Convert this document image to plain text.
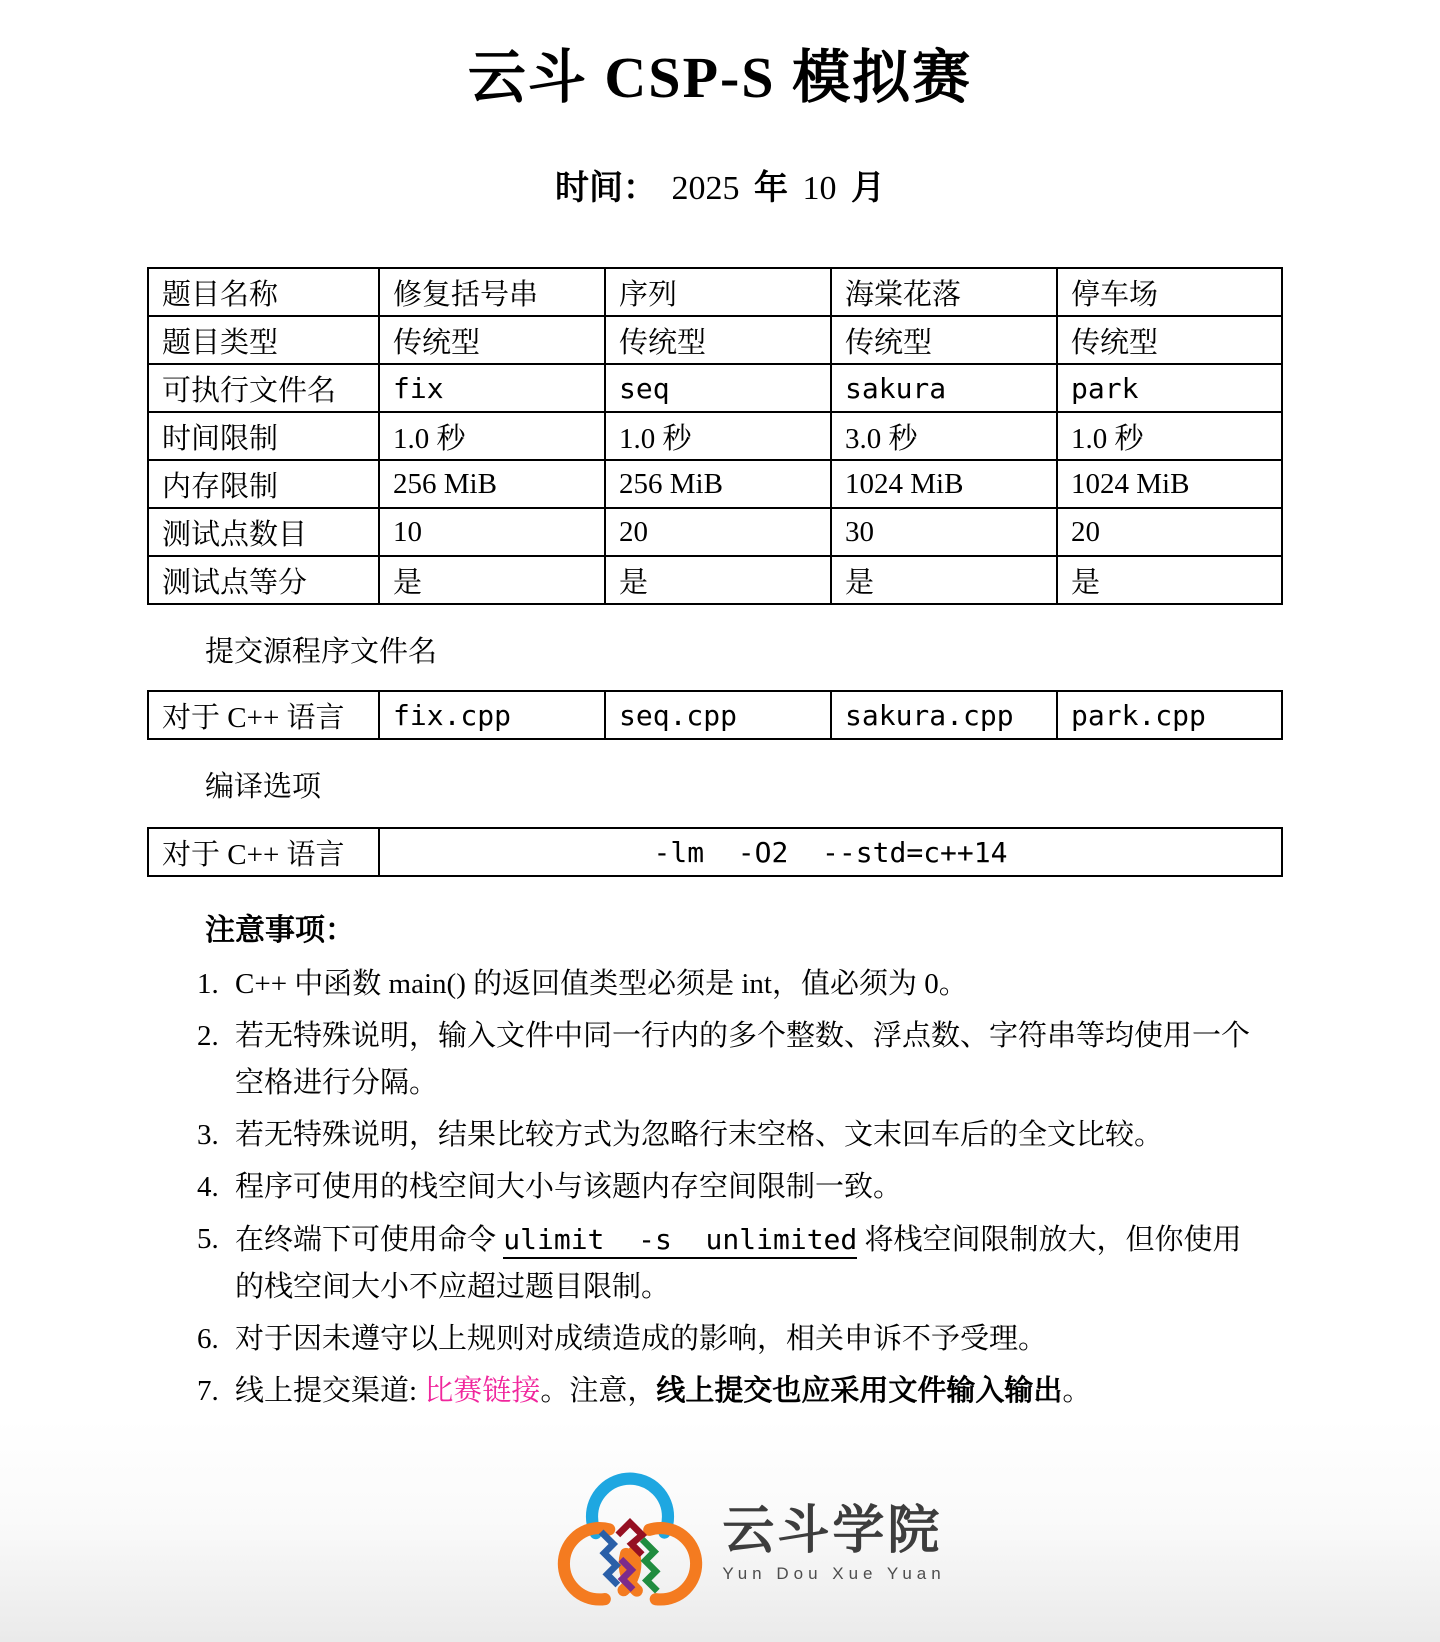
云斗 CSP-S 模拟赛
时间： 2025 年 10 月
题目名称	修复括号串	序列	海棠花落	停车场
题目类型	传统型	传统型	传统型	传统型
可执行文件名	fix	seq	sakura	park
时间限制	1.0 秒	1.0 秒	3.0 秒	1.0 秒
内存限制	256 MiB	256 MiB	1024 MiB	1024 MiB
测试点数目	10	20	30	20
测试点等分	是	是	是	是
提交源程序文件名
对于 C++ 语言	fix.cpp	seq.cpp	sakura.cpp	park.cpp
编译选项
对于 C++ 语言	-lm  -O2  --std=c++14
注意事项：
1. C++ 中函数 main() 的返回值类型必须是 int，值必须为 0。
2. 若无特殊说明，输入文件中同一行内的多个整数、浮点数、字符串等均使用一个空格进行分隔。
3. 若无特殊说明，结果比较方式为忽略行末空格、文末回车后的全文比较。
4. 程序可使用的栈空间大小与该题内存空间限制一致。
5. 在终端下可使用命令 ulimit  -s  unlimited 将栈空间限制放大，但你使用的栈空间大小不应超过题目限制。
6. 对于因未遵守以上规则对成绩造成的影响，相关申诉不予受理。
7. 线上提交渠道: 比赛链接。注意，线上提交也应采用文件输入输出。
云斗学院
Yun Dou Xue Yuan
